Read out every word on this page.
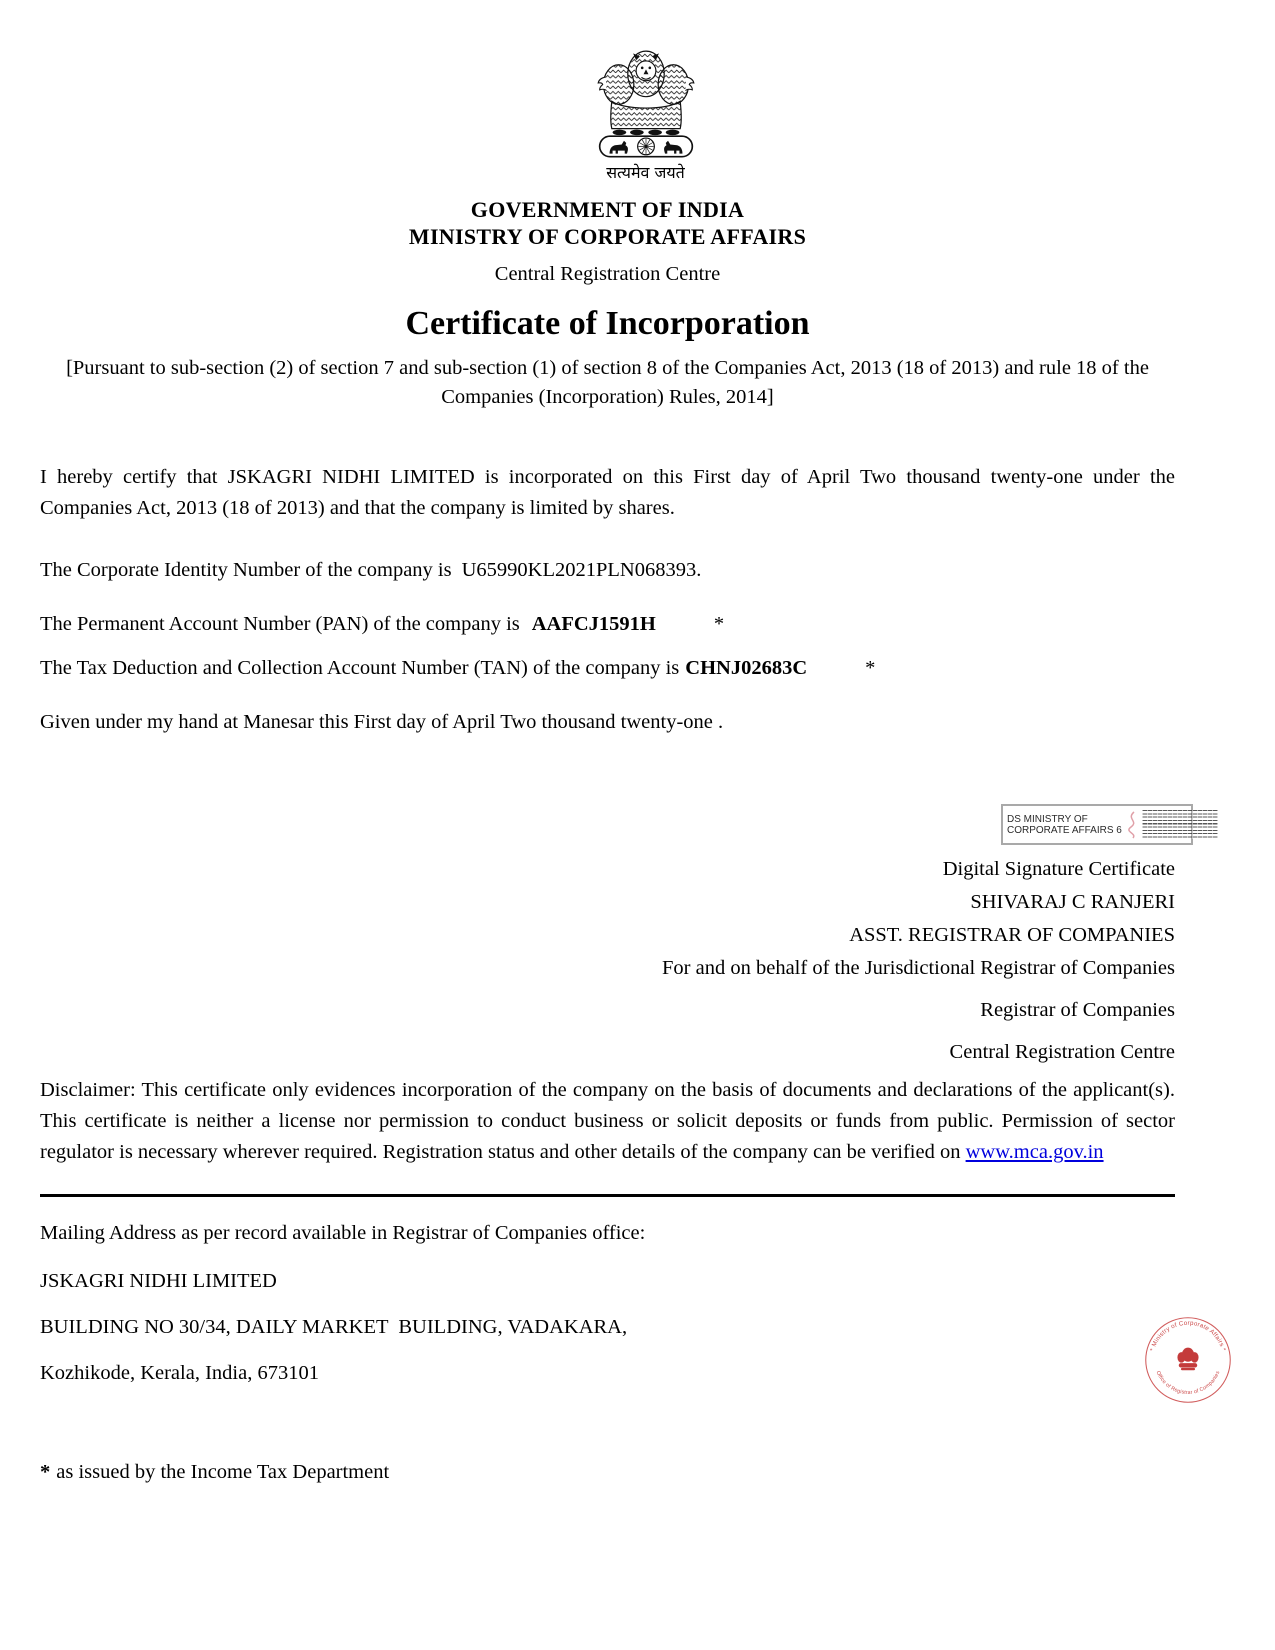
सत्यमेव जयते
GOVERNMENT OF INDIA
MINISTRY OF CORPORATE AFFAIRS
Central Registration Centre
Certificate of Incorporation
[Pursuant to sub-section (2) of section 7 and sub-section (1) of section 8 of the Companies Act, 2013 (18 of 2013) and rule 18 of the Companies (Incorporation) Rules, 2014]

I hereby certify that JSKAGRI NIDHI LIMITED is incorporated on this First day of April Two thousand twenty-one under the Companies Act, 2013 (18 of 2013) and that the company is limited by shares.

The Corporate Identity Number of the company is U65990KL2021PLN068393.

The Permanent Account Number (PAN) of the company is AAFCJ1591H	*

The Tax Deduction and Collection Account Number (TAN) of the company is CHNJ02683C	*

Given under my hand at Manesar this First day of April Two thousand twenty-one .

DS MINISTRY OF
CORPORATE AFFAIRS 6
Digital Signature Certificate
SHIVARAJ C RANJERI
ASST. REGISTRAR OF COMPANIES
For and on behalf of the Jurisdictional Registrar of Companies
Registrar of Companies
Central Registration Centre

Disclaimer: This certificate only evidences incorporation of the company on the basis of documents and declarations of the applicant(s). This certificate is neither a license nor permission to conduct business or solicit deposits or funds from public. Permission of sector regulator is necessary wherever required. Registration status and other details of the company can be verified on www.mca.gov.in

Mailing Address as per record available in Registrar of Companies office:

JSKAGRI NIDHI LIMITED

BUILDING NO 30/34, DAILY MARKET  BUILDING, VADAKARA,

Kozhikode, Kerala, India, 673101

* Ministry of Corporate Affairs *
Office of Registrar of Companies

* as issued by the Income Tax Department
